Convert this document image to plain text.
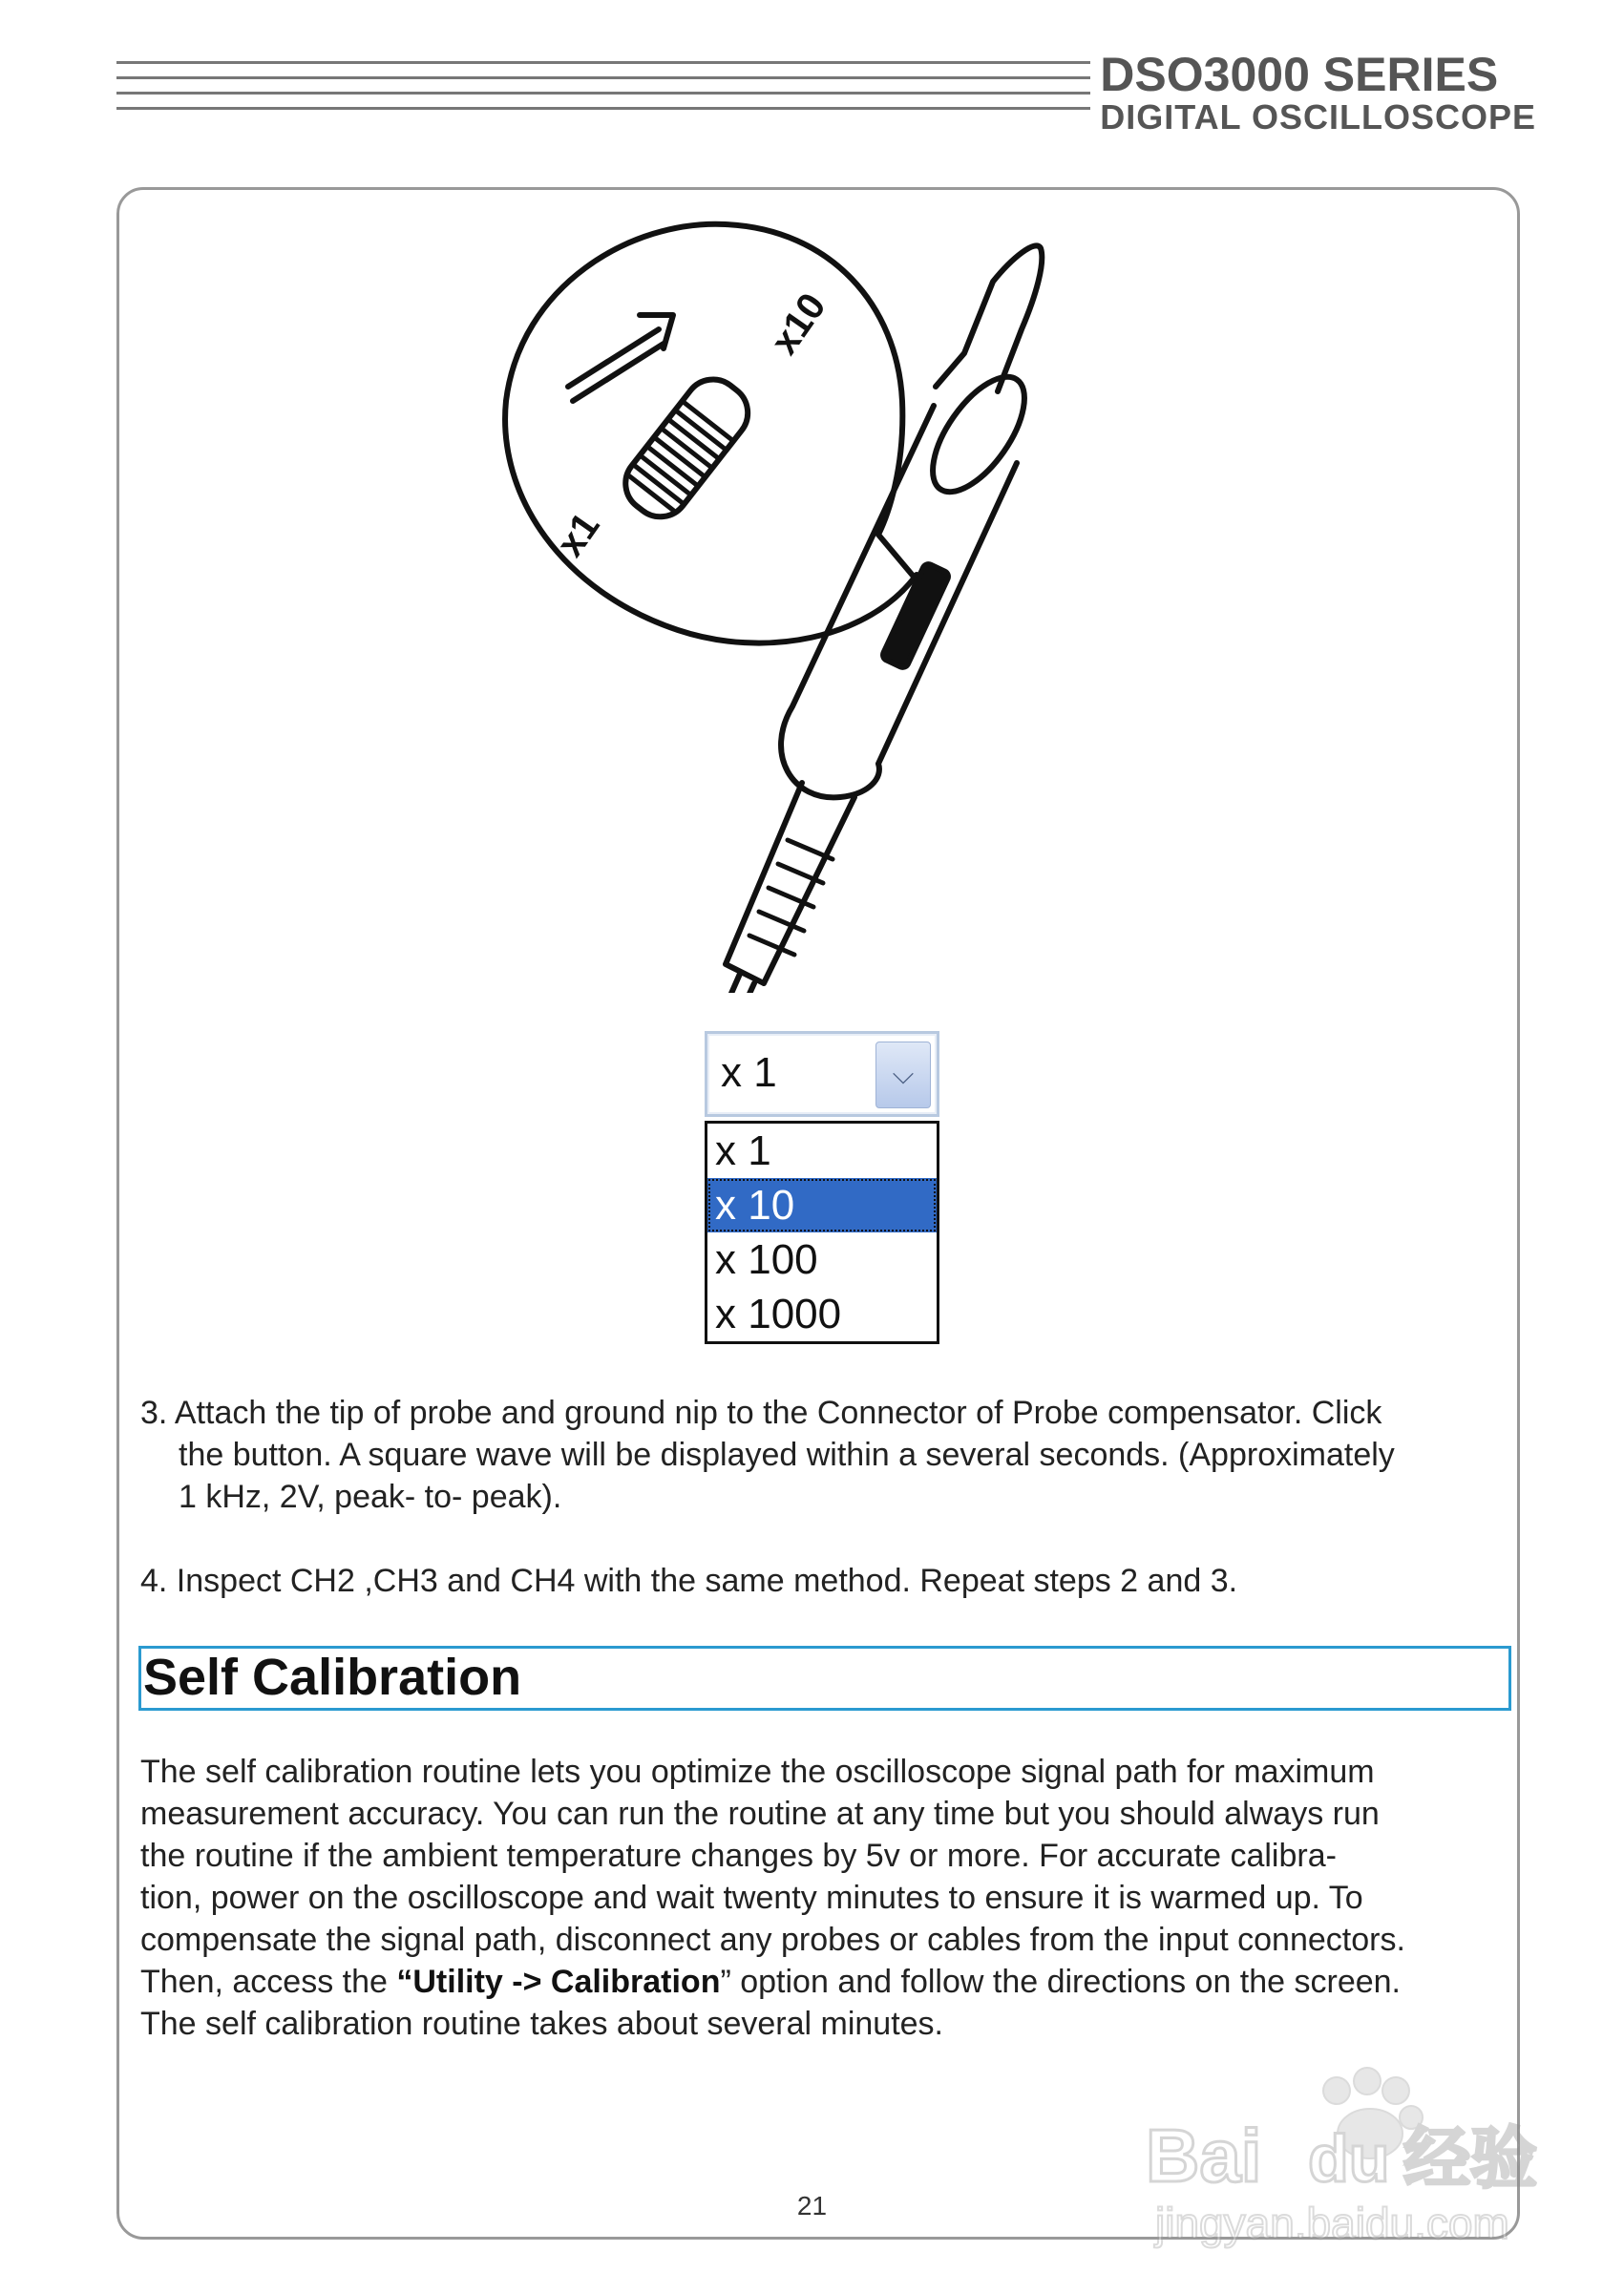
DSO3000 SERIES
DIGITAL OSCILLOSCOPE
x10
x1
x 1	⌵
x 1
x 10
x 100
x 1000
3. Attach the tip of probe and ground nip to the Connector of Probe compensator. Click
the button. A square wave will be displayed within a several seconds. (Approximately
1 kHz, 2V, peak- to- peak).
4. Inspect CH2 ,CH3 and CH4 with the same method. Repeat steps 2 and 3.
Self Calibration
The self calibration routine lets you optimize the oscilloscope signal path for maximum
measurement accuracy. You can run the routine at any time but you should always run
the routine if the ambient temperature changes by 5v or more. For accurate calibra-
tion, power on the oscilloscope and wait twenty minutes to ensure it is warmed up. To
compensate the signal path, disconnect any probes or cables from the input connectors.
Then, access the “Utility -> Calibration” option and follow the directions on the screen.
The self calibration routine takes about several minutes.
21
Bai du 经验
jingyan.baidu.com
